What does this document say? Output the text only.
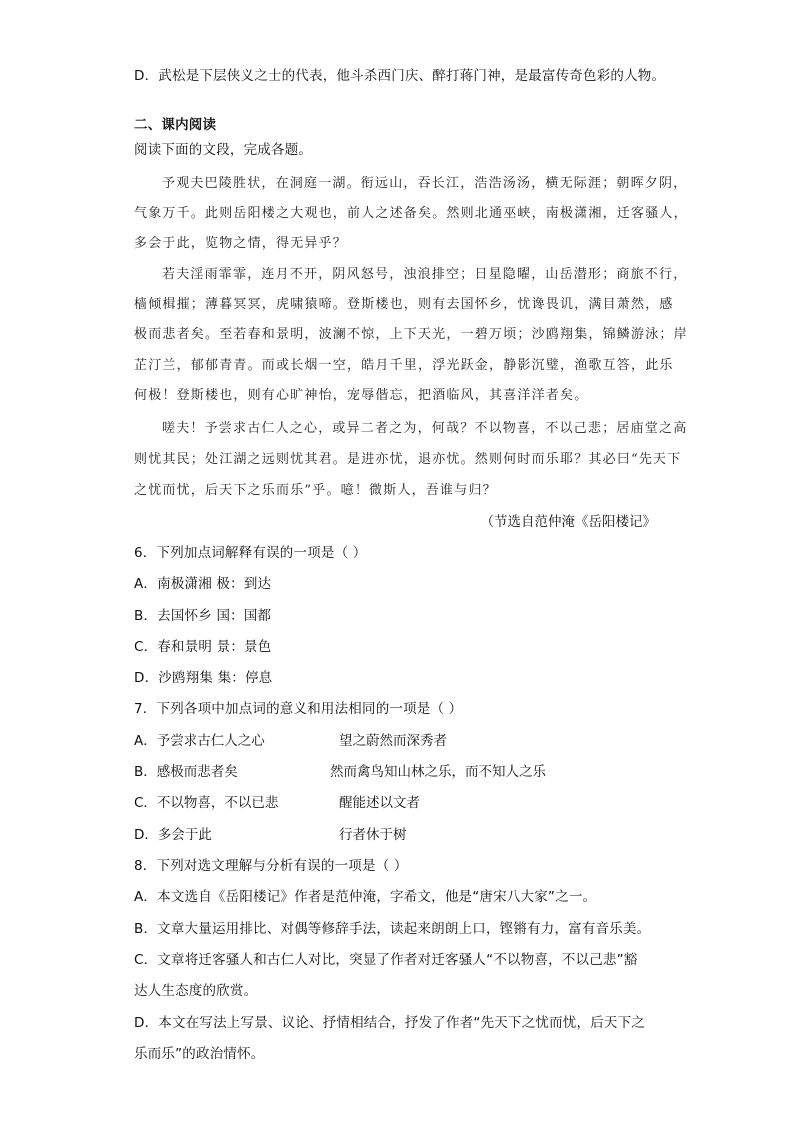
D．武松是下层侠义之士的代表，他斗杀西门庆、醉打蒋门神，是最富传奇色彩的人物。
二、课内阅读
阅读下面的文段，完成各题。
予观夫巴陵胜状，在洞庭一湖。衔远山，吞长江，浩浩汤汤，横无际涯；朝晖夕阴，
气象万千。此则岳阳楼之大观也，前人之述备矣。然则北通巫峡，南极潇湘，迁客骚人，
多会于此，览物之情，得无异乎？
若夫淫雨霏霏，连月不开，阴风怒号，浊浪排空；日星隐曜，山岳潜形；商旅不行，
樯倾楫摧；薄暮冥冥，虎啸猿啼。登斯楼也，则有去国怀乡，忧谗畏讥，满目萧然，感
极而悲者矣。至若春和景明，波澜不惊，上下天光，一碧万顷；沙鸥翔集，锦鳞游泳；岸
芷汀兰，郁郁青青。而或长烟一空，皓月千里，浮光跃金，静影沉璧，渔歌互答，此乐
何极！登斯楼也，则有心旷神怡，宠辱偕忘，把酒临风，其喜洋洋者矣。
嗟夫！予尝求古仁人之心，或异二者之为，何哉？不以物喜，不以己悲；居庙堂之高
则忧其民；处江湖之远则忧其君。是进亦忧，退亦忧。然则何时而乐耶？其必曰“先天下
之忧而忧，后天下之乐而乐”乎。噫！微斯人，吾谁与归？
（节选自范仲淹《岳阳楼记》
6．下列加点词解释有误的一项是（ ）
A．南极潇湘 极：到达
B．去国怀乡 国：国都
C．春和景明 景：景色
D．沙鸥翔集 集：停息
7．下列各项中加点词的意义和用法相同的一项是（ ）
A．予尝求古仁人之心	望之蔚然而深秀者
B．感极而悲者矣	然而禽鸟知山林之乐，而不知人之乐
C．不以物喜，不以已悲	醒能述以文者
D．多会于此	行者休于树
8．下列对选文理解与分析有误的一项是（ ）
A．本文选自《岳阳楼记》作者是范仲淹，字希文，他是“唐宋八大家”之一。
B．文章大量运用排比、对偶等修辞手法，读起来朗朗上口，铿锵有力，富有音乐美。
C．文章将迁客骚人和古仁人对比，突显了作者对迁客骚人“不以物喜，不以己悲”豁
达人生态度的欣赏。
D．本文在写法上写景、议论、抒情相结合，抒发了作者“先天下之忧而忧，后天下之
乐而乐”的政治情怀。
